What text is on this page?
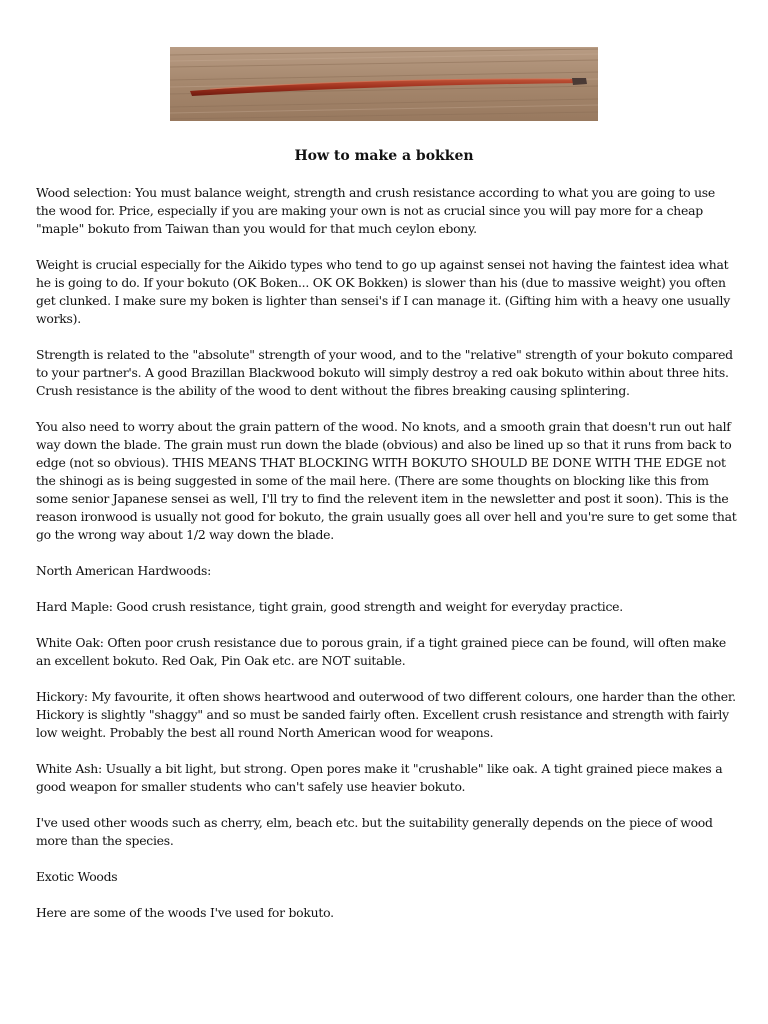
How to make a bokken

Wood selection: You must balance weight, strength and crush resistance according to what you are going to use the wood for. Price, especially if you are making your own is not as crucial since you will pay more for a cheap "maple" bokuto from Taiwan than you would for that much ceylon ebony.

Weight is crucial especially for the Aikido types who tend to go up against sensei not having the faintest idea what he is going to do. If your bokuto (OK Boken... OK OK Bokken) is slower than his (due to massive weight) you often get clunked. I make sure my boken is lighter than sensei's if I can manage it. (Gifting him with a heavy one usually works).

Strength is related to the "absolute" strength of your wood, and to the "relative" strength of your bokuto compared to your partner's. A good Brazillan Blackwood bokuto will simply destroy a red oak bokuto within about three hits. Crush resistance is the ability of the wood to dent without the fibres breaking causing splintering.

You also need to worry about the grain pattern of the wood. No knots, and a smooth grain that doesn't run out half way down the blade. The grain must run down the blade (obvious) and also be lined up so that it runs from back to edge (not so obvious). THIS MEANS THAT BLOCKING WITH BOKUTO SHOULD BE DONE WITH THE EDGE not the shinogi as is being suggested in some of the mail here. (There are some thoughts on blocking like this from some senior Japanese sensei as well, I'll try to find the relevent item in the newsletter and post it soon). This is the reason ironwood is usually not good for bokuto, the grain usually goes all over hell and you're sure to get some that go the wrong way about 1/2 way down the blade.

North American Hardwoods:

Hard Maple: Good crush resistance, tight grain, good strength and weight for everyday practice.

White Oak: Often poor crush resistance due to porous grain, if a tight grained piece can be found, will often make an excellent bokuto. Red Oak, Pin Oak etc. are NOT suitable.

Hickory: My favourite, it often shows heartwood and outerwood of two different colours, one harder than the other. Hickory is slightly "shaggy" and so must be sanded fairly often. Excellent crush resistance and strength with fairly low weight. Probably the best all round North American wood for weapons.

White Ash: Usually a bit light, but strong. Open pores make it "crushable" like oak. A tight grained piece makes a good weapon for smaller students who can't safely use heavier bokuto.

I've used other woods such as cherry, elm, beach etc. but the suitability generally depends on the piece of wood more than the species.

Exotic Woods

Here are some of the woods I've used for bokuto.
